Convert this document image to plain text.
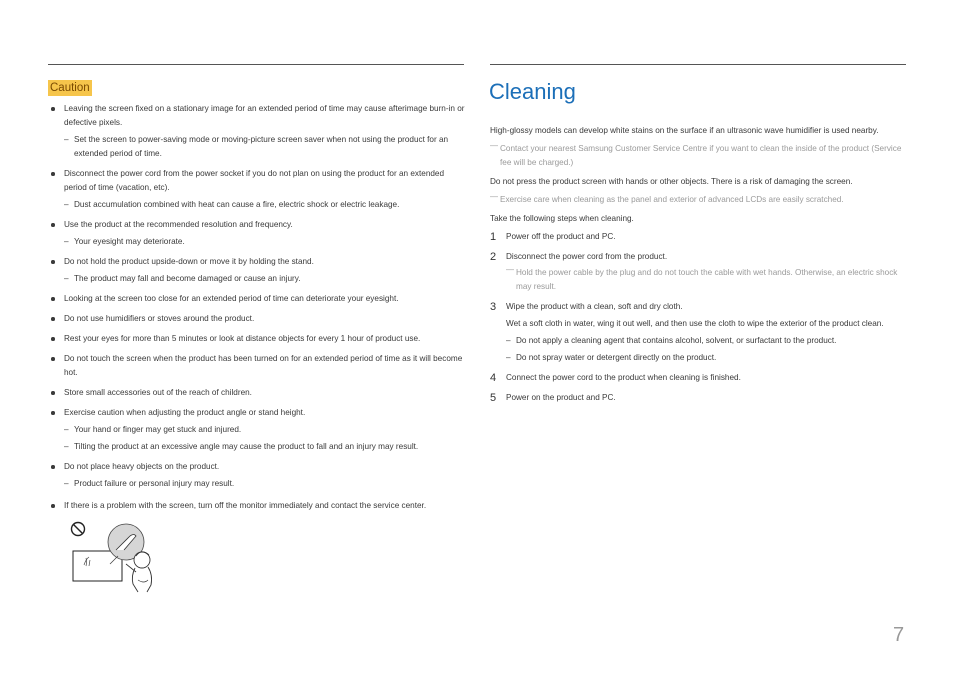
Caution
Leaving the screen fixed on a stationary image for an extended period of time may cause afterimage burn-in or defective pixels.
– Set the screen to power-saving mode or moving-picture screen saver when not using the product for an extended period of time.
Disconnect the power cord from the power socket if you do not plan on using the product for an extended period of time (vacation, etc).
– Dust accumulation combined with heat can cause a fire, electric shock or electric leakage.
Use the product at the recommended resolution and frequency.
– Your eyesight may deteriorate.
Do not hold the product upside-down or move it by holding the stand.
– The product may fall and become damaged or cause an injury.
Looking at the screen too close for an extended period of time can deteriorate your eyesight.
Do not use humidifiers or stoves around the product.
Rest your eyes for more than 5 minutes or look at distance objects for every 1 hour of product use.
Do not touch the screen when the product has been turned on for an extended period of time as it will become hot.
Store small accessories out of the reach of children.
Exercise caution when adjusting the product angle or stand height.
– Your hand or finger may get stuck and injured.
– Tilting the product at an excessive angle may cause the product to fall and an injury may result.
Do not place heavy objects on the product.
– Product failure or personal injury may result.
If there is a problem with the screen, turn off the monitor immediately and contact the service center.
Cleaning
High-glossy models can develop white stains on the surface if an ultrasonic wave humidifier is used nearby.
— Contact your nearest Samsung Customer Service Centre if you want to clean the inside of the product (Service fee will be charged.)
Do not press the product screen with hands or other objects. There is a risk of damaging the screen.
— Exercise care when cleaning as the panel and exterior of advanced LCDs are easily scratched.
Take the following steps when cleaning.
1 Power off the product and PC.
2 Disconnect the power cord from the product.
— Hold the power cable by the plug and do not touch the cable with wet hands. Otherwise, an electric shock may result.
3 Wipe the product with a clean, soft and dry cloth.
Wet a soft cloth in water, wing it out well, and then use the cloth to wipe the exterior of the product clean.
– Do not apply a cleaning agent that contains alcohol, solvent, or surfactant to the product.
– Do not spray water or detergent directly on the product.
4 Connect the power cord to the product when cleaning is finished.
5 Power on the product and PC.
7
